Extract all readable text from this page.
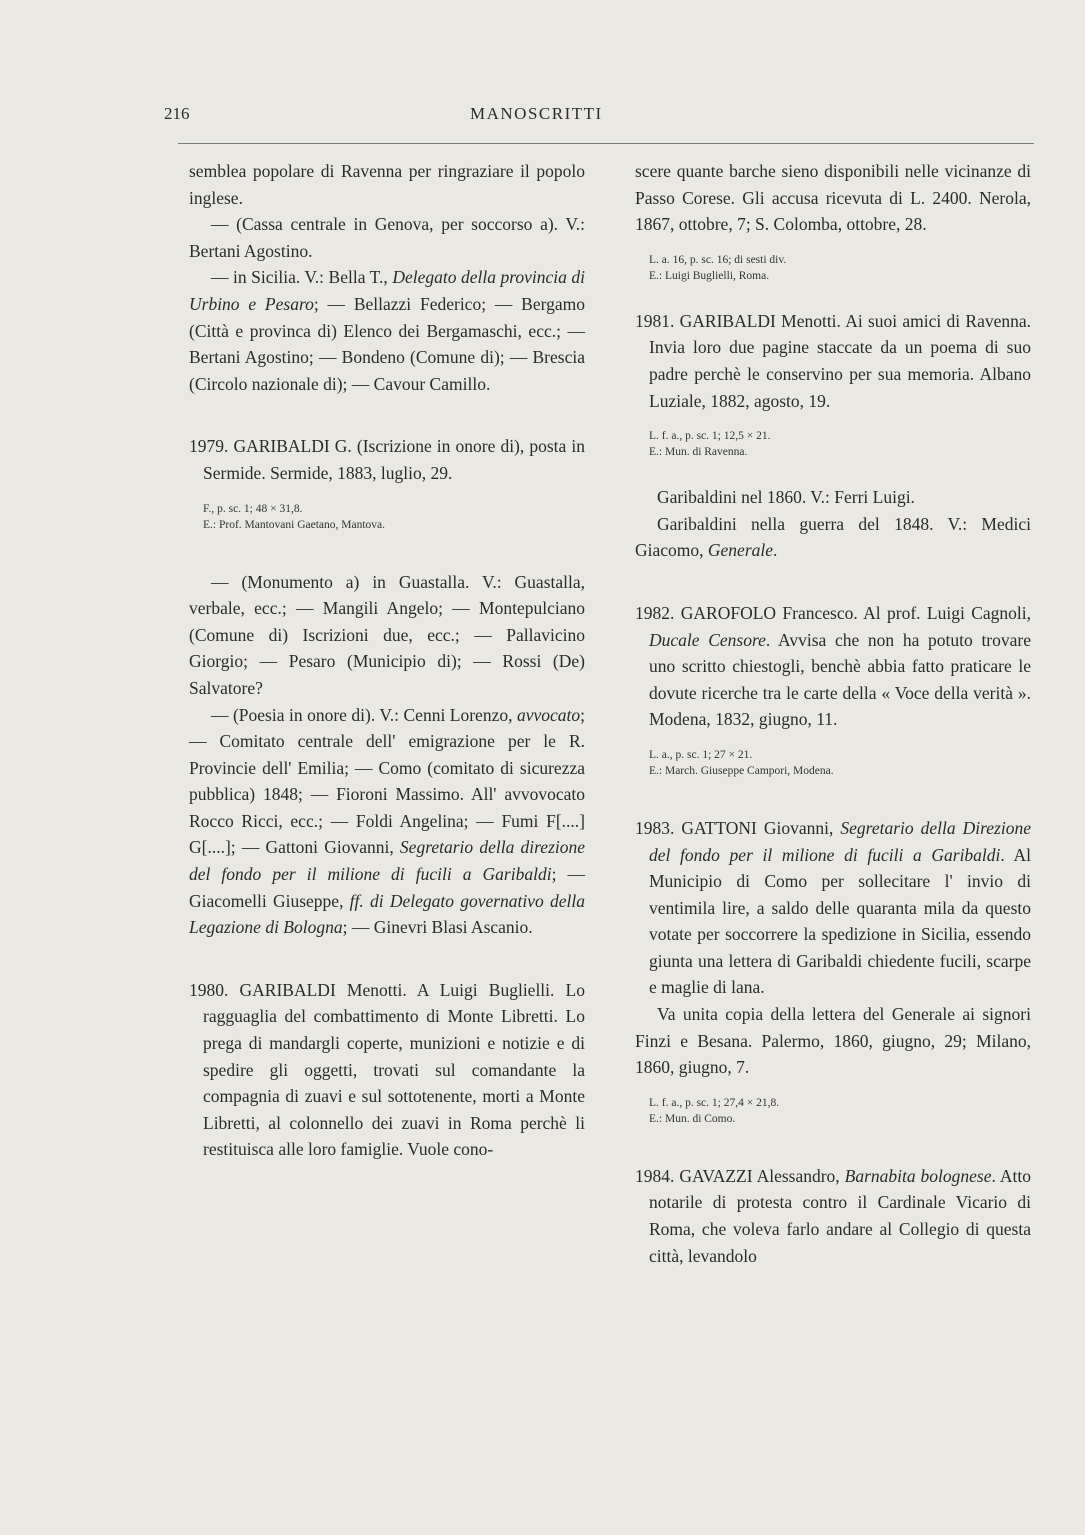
216	MANOSCRITTI

semblea popolare di Ravenna per ringraziare il popolo inglese.

— (Cassa centrale in Genova, per soccorso a). V.: Bertani Agostino.

— in Sicilia. V.: Bella T., Delegato della provincia di Urbino e Pesaro; — Bellazzi Federico; — Bergamo (Città e provinca di) Elenco dei Bergamaschi, ecc.; — Bertani Agostino; — Bondeno (Comune di); — Brescia (Circolo nazionale di); — Cavour Camillo.

1979. GARIBALDI G. (Iscrizione in onore di), posta in Sermide. Sermide, 1883, luglio, 29.

F., p. sc. 1; 48 × 31,8.

E.: Prof. Mantovani Gaetano, Mantova.

— (Monumento a) in Guastalla. V.: Guastalla, verbale, ecc.; — Mangili Angelo; — Montepulciano (Comune di) Iscrizioni due, ecc.; — Pallavicino Giorgio; — Pesaro (Municipio di); — Rossi (De) Salvatore?

— (Poesia in onore di). V.: Cenni Lorenzo, avvocato; — Comitato centrale dell' emigrazione per le R. Provincie dell' Emilia; — Como (comitato di sicurezza pubblica) 1848; — Fioroni Massimo. All' avvovocato Rocco Ricci, ecc.; — Foldi Angelina; — Fumi F[....] G[....]; — Gattoni Giovanni, Segretario della direzione del fondo per il milione di fucili a Garibaldi; — Giacomelli Giuseppe, ff. di Delegato governativo della Legazione di Bologna; — Ginevri Blasi Ascanio.

1980. GARIBALDI Menotti. A Luigi Buglielli. Lo ragguaglia del combattimento di Monte Libretti. Lo prega di mandargli coperte, munizioni e notizie e di spedire gli oggetti, trovati sul comandante la compagnia di zuavi e sul sottotenente, morti a Monte Libretti, al colonnello dei zuavi in Roma perchè li restituisca alle loro famiglie. Vuole cono-

scere quante barche sieno disponibili nelle vicinanze di Passo Corese. Gli accusa ricevuta di L. 2400. Nerola, 1867, ottobre, 7; S. Colomba, ottobre, 28.

L. a. 16, p. sc. 16; di sesti div.

E.: Luigi Buglielli, Roma.

1981. GARIBALDI Menotti. Ai suoi amici di Ravenna. Invia loro due pagine staccate da un poema di suo padre perchè le conservino per sua memoria. Albano Luziale, 1882, agosto, 19.

L. f. a., p. sc. 1; 12,5 × 21.

E.: Mun. di Ravenna.

Garibaldini nel 1860. V.: Ferri Luigi.

Garibaldini nella guerra del 1848. V.: Medici Giacomo, Generale.

1982. GAROFOLO Francesco. Al prof. Luigi Cagnoli, Ducale Censore. Avvisa che non ha potuto trovare uno scritto chiestogli, benchè abbia fatto praticare le dovute ricerche tra le carte della « Voce della verità ». Modena, 1832, giugno, 11.

L. a., p. sc. 1; 27 × 21.

E.: March. Giuseppe Campori, Modena.

1983. GATTONI Giovanni, Segretario della Direzione del fondo per il milione di fucili a Garibaldi. Al Municipio di Como per sollecitare l' invio di ventimila lire, a saldo delle quaranta mila da questo votate per soccorrere la spedizione in Sicilia, essendo giunta una lettera di Garibaldi chiedente fucili, scarpe e maglie di lana.

Va unita copia della lettera del Generale ai signori Finzi e Besana. Palermo, 1860, giugno, 29; Milano, 1860, giugno, 7.

L. f. a., p. sc. 1; 27,4 × 21,8.

E.: Mun. di Como.

1984. GAVAZZI Alessandro, Barnabita bolognese. Atto notarile di protesta contro il Cardinale Vicario di Roma, che voleva farlo andare al Collegio di questa città, levandolo
